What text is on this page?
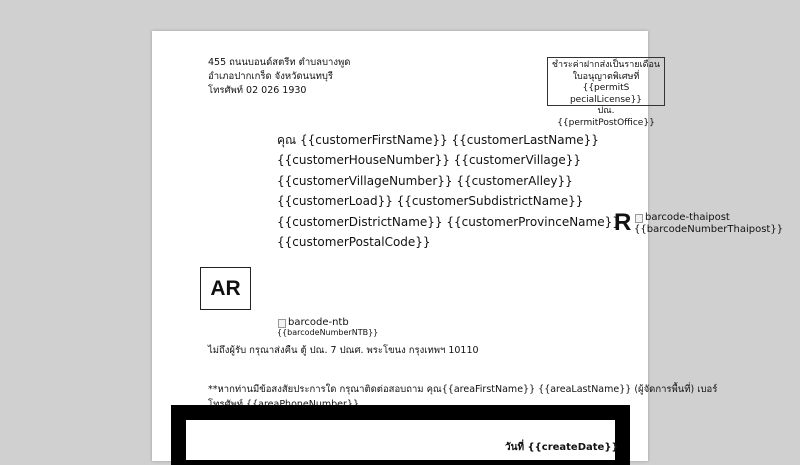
455 ถนนบอนด์สตรีท ตำบลบางพูด
อำเภอปากเกร็ด จังหวัดนนทบุรี
โทรศัพท์ 02 026 1930
ชำระค่าฝากส่งเป็นรายเดือน
ใบอนุญาตพิเศษที่ {{permitS
pecialLicense}}
ปณ. {{permitPostOffice}}
คุณ {{customerFirstName}} {{customerLastName}}
{{customerHouseNumber}} {{customerVillage}}
{{customerVillageNumber}} {{customerAlley}}
{{customerLoad}} {{customerSubdistrictName}}
{{customerDistrictName}} {{customerProvinceName}}
{{customerPostalCode}}
R barcode-thaipost
{{barcodeNumberThaipost}}
AR
barcode-ntb
{{barcodeNumberNTB}}
ไม่ถึงผู้รับ กรุณาส่งคืน ตู้ ปณ. 7 ปณศ. พระโขนง กรุงเทพฯ 10110
**หากท่านมีข้อสงสัยประการใด กรุณาติดต่อสอบถาม คุณ{{areaFirstName}} {{areaLastName}} (ผู้จัดการพื้นที่) เบอร์
วันที่ {{createDate}}
